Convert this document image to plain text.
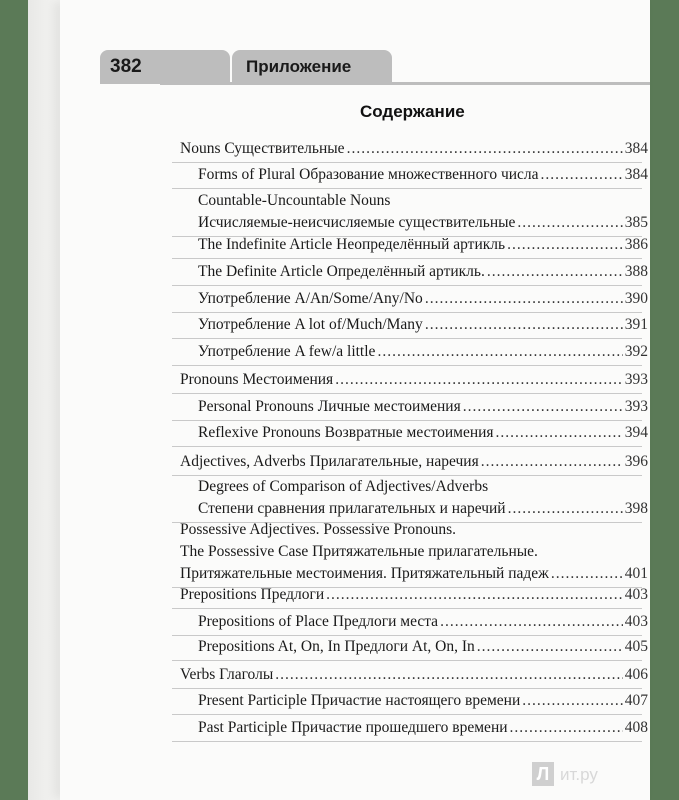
382	Приложение
Содержание
Nouns Существительные .....	384
Forms of Plural Образование множественного числа .....	384
Countable-Uncountable Nouns
Исчисляемые-неисчисляемые существительные .....	385
The Indefinite Article Неопределённый артикль .....	386
The Definite Article Определённый артикль. .....	388
Употребление A/An/Some/Any/No .....	390
Употребление A lot of/Much/Many .....	391
Употребление A few/a little .....	392
Pronouns Местоимения .....	393
Personal Pronouns Личные местоимения .....	393
Reflexive Pronouns Возвратные местоимения .....	394
Adjectives, Adverbs Прилагательные, наречия .....	396
Degrees of Comparison of Adjectives/Adverbs
Степени сравнения прилагательных и наречий .....	398
Possessive Adjectives. Possessive Pronouns.
The Possessive Case Притяжательные прилагательные.
Притяжательные местоимения. Притяжательный падеж .....	401
Prepositions Предлоги .....	403
Prepositions of Place Предлоги места .....	403
Prepositions At, On, In Предлоги At, On, In .....	405
Verbs Глаголы .....	406
Present Participle Причастие настоящего времени .....	407
Past Participle Причастие прошедшего времени .....	408
Л ит.ру
